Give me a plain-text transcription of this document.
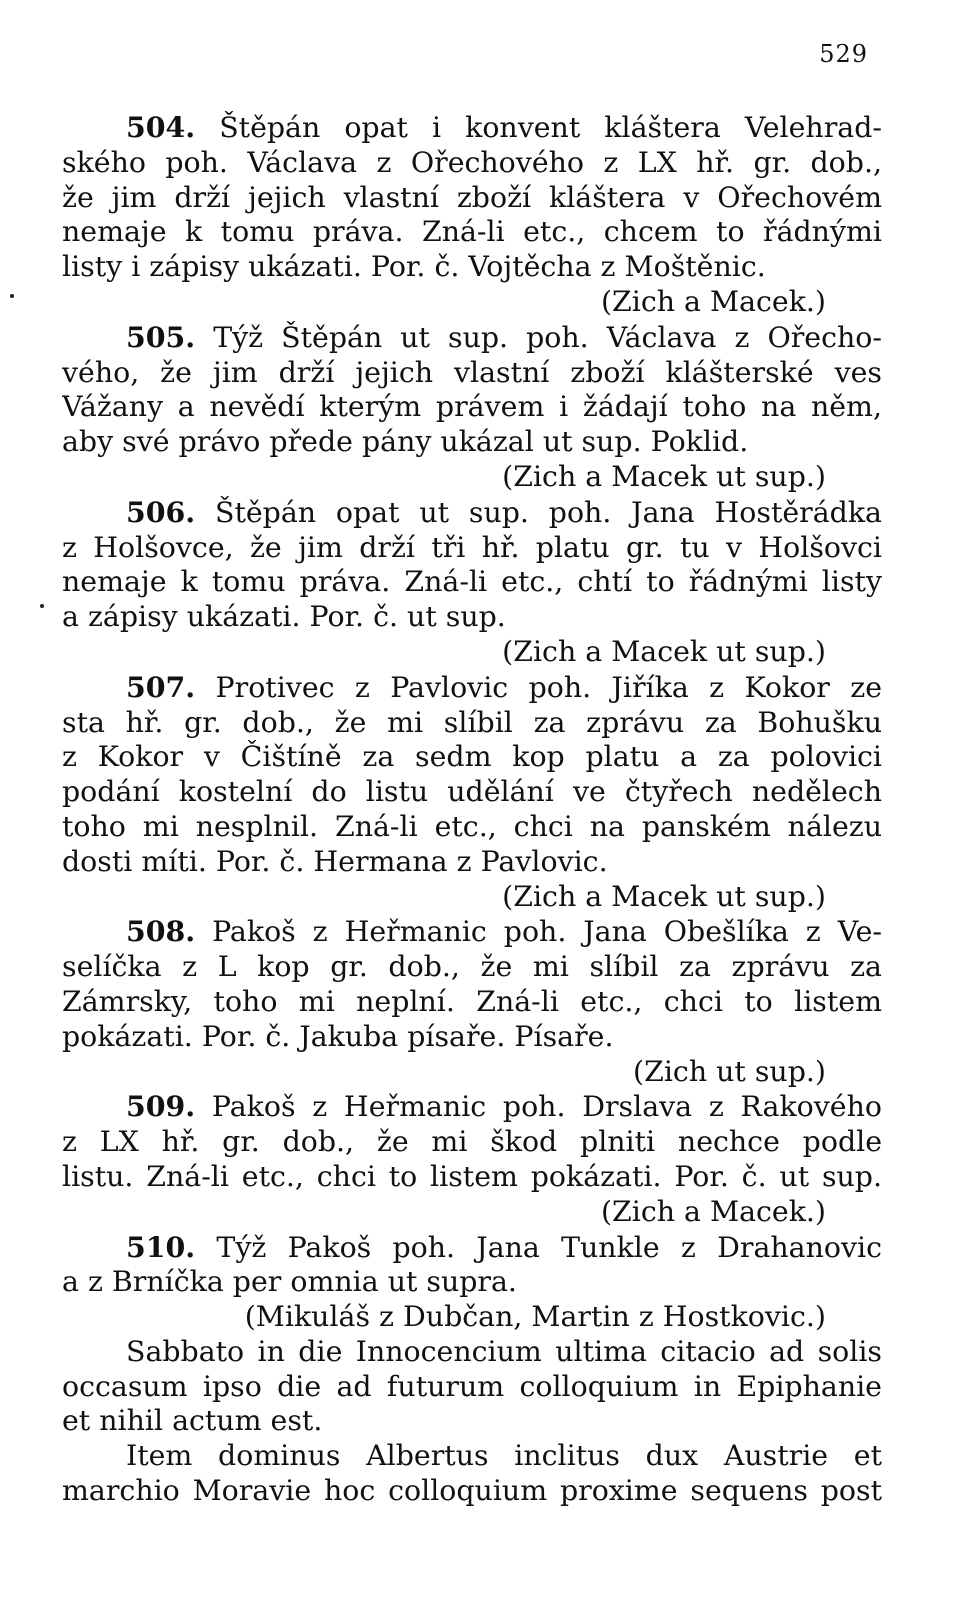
529
504. Štěpán opat i konvent kláštera Velehrad-
ského poh. Václava z Ořechového z LX hř. gr. dob.,
že jim drží jejich vlastní zboží kláštera v Ořechovém
nemaje k tomu práva. Zná-li etc., chcem to řádnými
listy i zápisy ukázati. Por. č. Vojtěcha z Moštěnic.
(Zich a Macek.)
505. Týž Štěpán ut sup. poh. Václava z Ořecho-
vého, že jim drží jejich vlastní zboží klášterské ves
Vážany a nevědí kterým právem i žádají toho na něm,
aby své právo přede pány ukázal ut sup. Poklid.
(Zich a Macek ut sup.)
506. Štěpán opat ut sup. poh. Jana Hostěrádka
z Holšovce, že jim drží tři hř. platu gr. tu v Holšovci
nemaje k tomu práva. Zná-li etc., chtí to řádnými listy
a zápisy ukázati. Por. č. ut sup.
(Zich a Macek ut sup.)
507. Protivec z Pavlovic poh. Jiříka z Kokor ze
sta hř. gr. dob., že mi slíbil za zprávu za Bohušku
z Kokor v Čištíně za sedm kop platu a za polovici
podání kostelní do listu udělání ve čtyřech nedělech
toho mi nesplnil. Zná-li etc., chci na panském nálezu
dosti míti. Por. č. Hermana z Pavlovic.
(Zich a Macek ut sup.)
508. Pakoš z Heřmanic poh. Jana Obešlíka z Ve-
selíčka z L kop gr. dob., že mi slíbil za zprávu za
Zámrsky, toho mi neplní. Zná-li etc., chci to listem
pokázati. Por. č. Jakuba písaře. Písaře.
(Zich ut sup.)
509. Pakoš z Heřmanic poh. Drslava z Rakového
z LX hř. gr. dob., že mi škod plniti nechce podle
listu. Zná-li etc., chci to listem pokázati. Por. č. ut sup.
(Zich a Macek.)
510. Týž Pakoš poh. Jana Tunkle z Drahanovic
a z Brníčka per omnia ut supra.
(Mikuláš z Dubčan, Martin z Hostkovic.)
Sabbato in die Innocencium ultima citacio ad solis
occasum ipso die ad futurum colloquium in Epiphanie
et nihil actum est.
Item dominus Albertus inclitus dux Austrie et
marchio Moravie hoc colloquium proxime sequens post
